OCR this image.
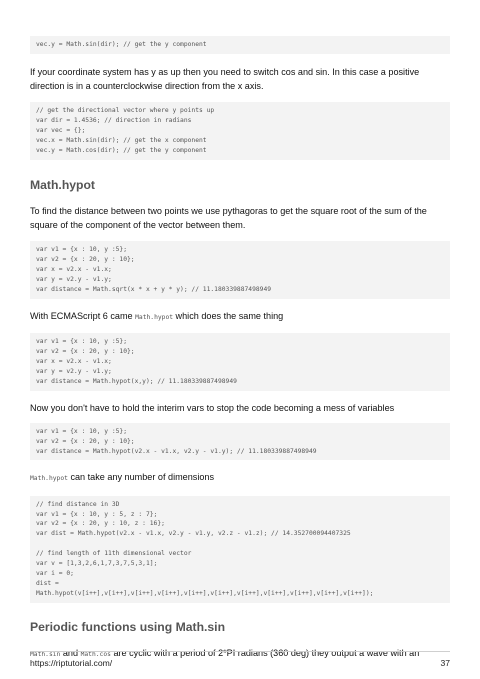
vec.y = Math.sin(dir); // get the y component

If your coordinate system has y as up then you need to switch cos and sin. In this case a positive direction is in a counterclockwise direction from the x axis.

// get the directional vector where y points up
var dir = 1.4536; // direction in radians
var vec = {};
vec.x = Math.sin(dir); // get the x component
vec.y = Math.cos(dir); // get the y component
Math.hypot

To find the distance between two points we use pythagoras to get the square root of the sum of the square of the component of the vector between them.

var v1 = {x : 10, y :5};
var v2 = {x : 20, y : 10};
var x = v2.x - v1.x;
var y = v2.y - v1.y;
var distance = Math.sqrt(x * x + y * y); // 11.180339887498949

With ECMAScript 6 came Math.hypot which does the same thing

var v1 = {x : 10, y :5};
var v2 = {x : 20, y : 10};
var x = v2.x - v1.x;
var y = v2.y - v1.y;
var distance = Math.hypot(x,y); // 11.180339887498949

Now you don't have to hold the interim vars to stop the code becoming a mess of variables

var v1 = {x : 10, y :5};
var v2 = {x : 20, y : 10};
var distance = Math.hypot(v2.x - v1.x, v2.y - v1.y); // 11.180339887498949

Math.hypot can take any number of dimensions

// find distance in 3D
var v1 = {x : 10, y : 5, z : 7};
var v2 = {x : 20, y : 10, z : 16};
var dist = Math.hypot(v2.x - v1.x, v2.y - v1.y, v2.z - v1.z); // 14.352700094407325

// find length of 11th dimensional vector
var v = [1,3,2,6,1,7,3,7,5,3,1];
var i = 0;
dist =
Math.hypot(v[i++],v[i++],v[i++],v[i++],v[i++],v[i++],v[i++],v[i++],v[i++],v[i++],v[i++]);
Periodic functions using Math.sin

Math.sin and Math.cos are cyclic with a period of 2*PI radians (360 deg) they output a wave with an

https://riptutorial.com/	37
